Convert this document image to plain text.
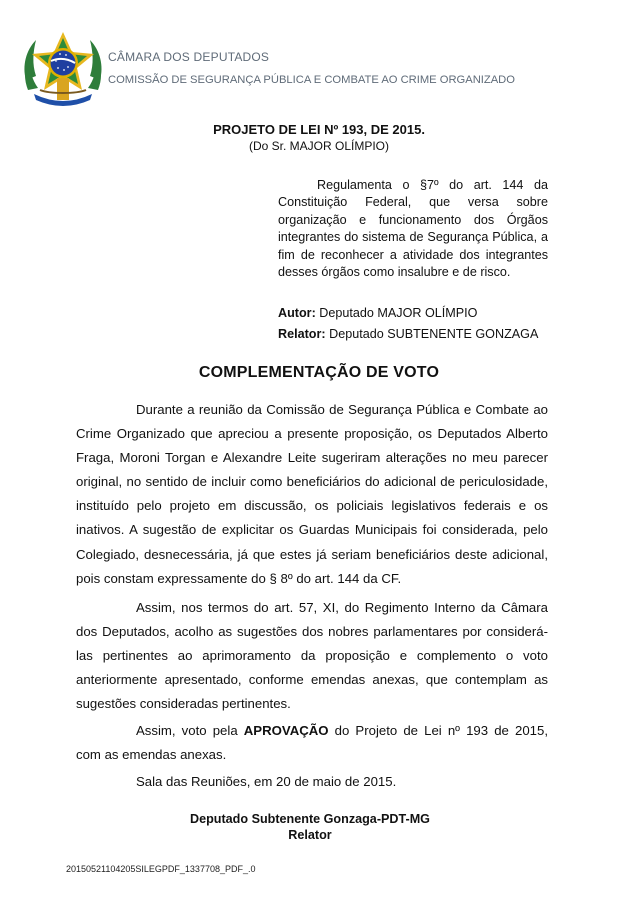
CÂMARA DOS DEPUTADOS
COMISSÃO DE SEGURANÇA PÚBLICA E COMBATE AO CRIME ORGANIZADO
PROJETO DE LEI Nº 193, DE 2015.
(Do Sr. MAJOR OLÍMPIO)
Regulamenta o §7º do art. 144 da Constituição Federal, que versa sobre organização e funcionamento dos Órgãos integrantes do sistema de Segurança Pública, a fim de reconhecer a atividade dos integrantes desses órgãos como insalubre e de risco.
Autor: Deputado MAJOR OLÍMPIO
Relator: Deputado SUBTENENTE GONZAGA
COMPLEMENTAÇÃO DE VOTO

Durante a reunião da Comissão de Segurança Pública e Combate ao Crime Organizado que apreciou a presente proposição, os Deputados Alberto Fraga, Moroni Torgan e Alexandre Leite sugeriram alterações no meu parecer original, no sentido de incluir como beneficiários do adicional de periculosidade, instituído pelo projeto em discussão, os policiais legislativos federais e os inativos. A sugestão de explicitar os Guardas Municipais foi considerada, pelo Colegiado, desnecessária, já que estes já seriam beneficiários deste adicional, pois constam expressamente do § 8º do art. 144 da CF.

Assim, nos termos do art. 57, XI, do Regimento Interno da Câmara dos Deputados, acolho as sugestões dos nobres parlamentares por considerá-las pertinentes ao aprimoramento da proposição e complemento o voto anteriormente apresentado, conforme emendas anexas, que contemplam as sugestões consideradas pertinentes.

Assim, voto pela APROVAÇÃO do Projeto de Lei nº 193 de 2015, com as emendas anexas.

Sala das Reuniões, em 20 de maio de 2015.

Deputado Subtenente Gonzaga-PDT-MG
Relator
20150521104205SILEGPDF_1337708_PDF_.0
